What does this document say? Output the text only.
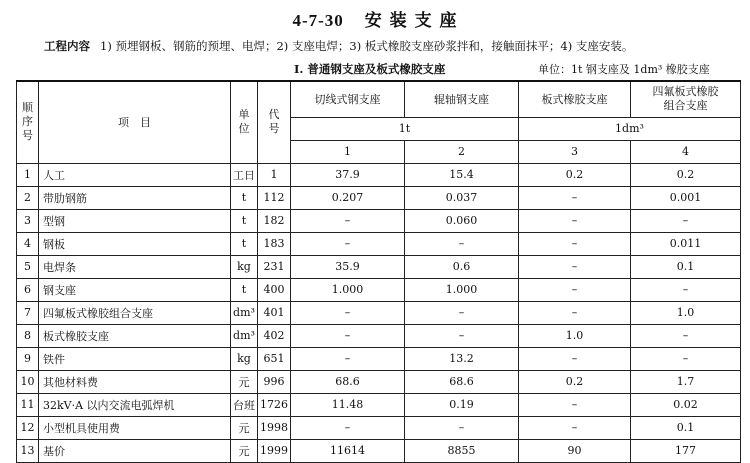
4-7-30 安 装 支 座
工程内容 1) 预埋钢板、钢筋的预埋、电焊；2) 支座电焊；3) 板式橡胶支座砂浆拌和，接触面抹平；4) 支座安装。
I. 普通钢支座及板式橡胶支座	单位：1t 钢支座及 1dm³ 橡胶支座
顺序号	项　目	单位	代号	切线式钢支座	辊轴钢支座	板式橡胶支座	四氟板式橡胶组合支座
				1t		1dm³	
				1	2	3	4
1	人工	工日	1	37.9	15.4	0.2	0.2
2	带肋钢筋	t	112	0.207	0.037	–	0.001
3	型钢	t	182	–	0.060	–	–
4	钢板	t	183	–	–	–	0.011
5	电焊条	kg	231	35.9	0.6	–	0.1
6	钢支座	t	400	1.000	1.000	–	–
7	四氟板式橡胶组合支座	dm³	401	–	–	–	1.0
8	板式橡胶支座	dm³	402	–	–	1.0	–
9	铁件	kg	651	–	13.2	–	–
10	其他材料费	元	996	68.6	68.6	0.2	1.7
11	32kV·A 以内交流电弧焊机	台班	1726	11.48	0.19	–	0.02
12	小型机具使用费	元	1998	–	–	–	0.1
13	基价	元	1999	11614	8855	90	177
